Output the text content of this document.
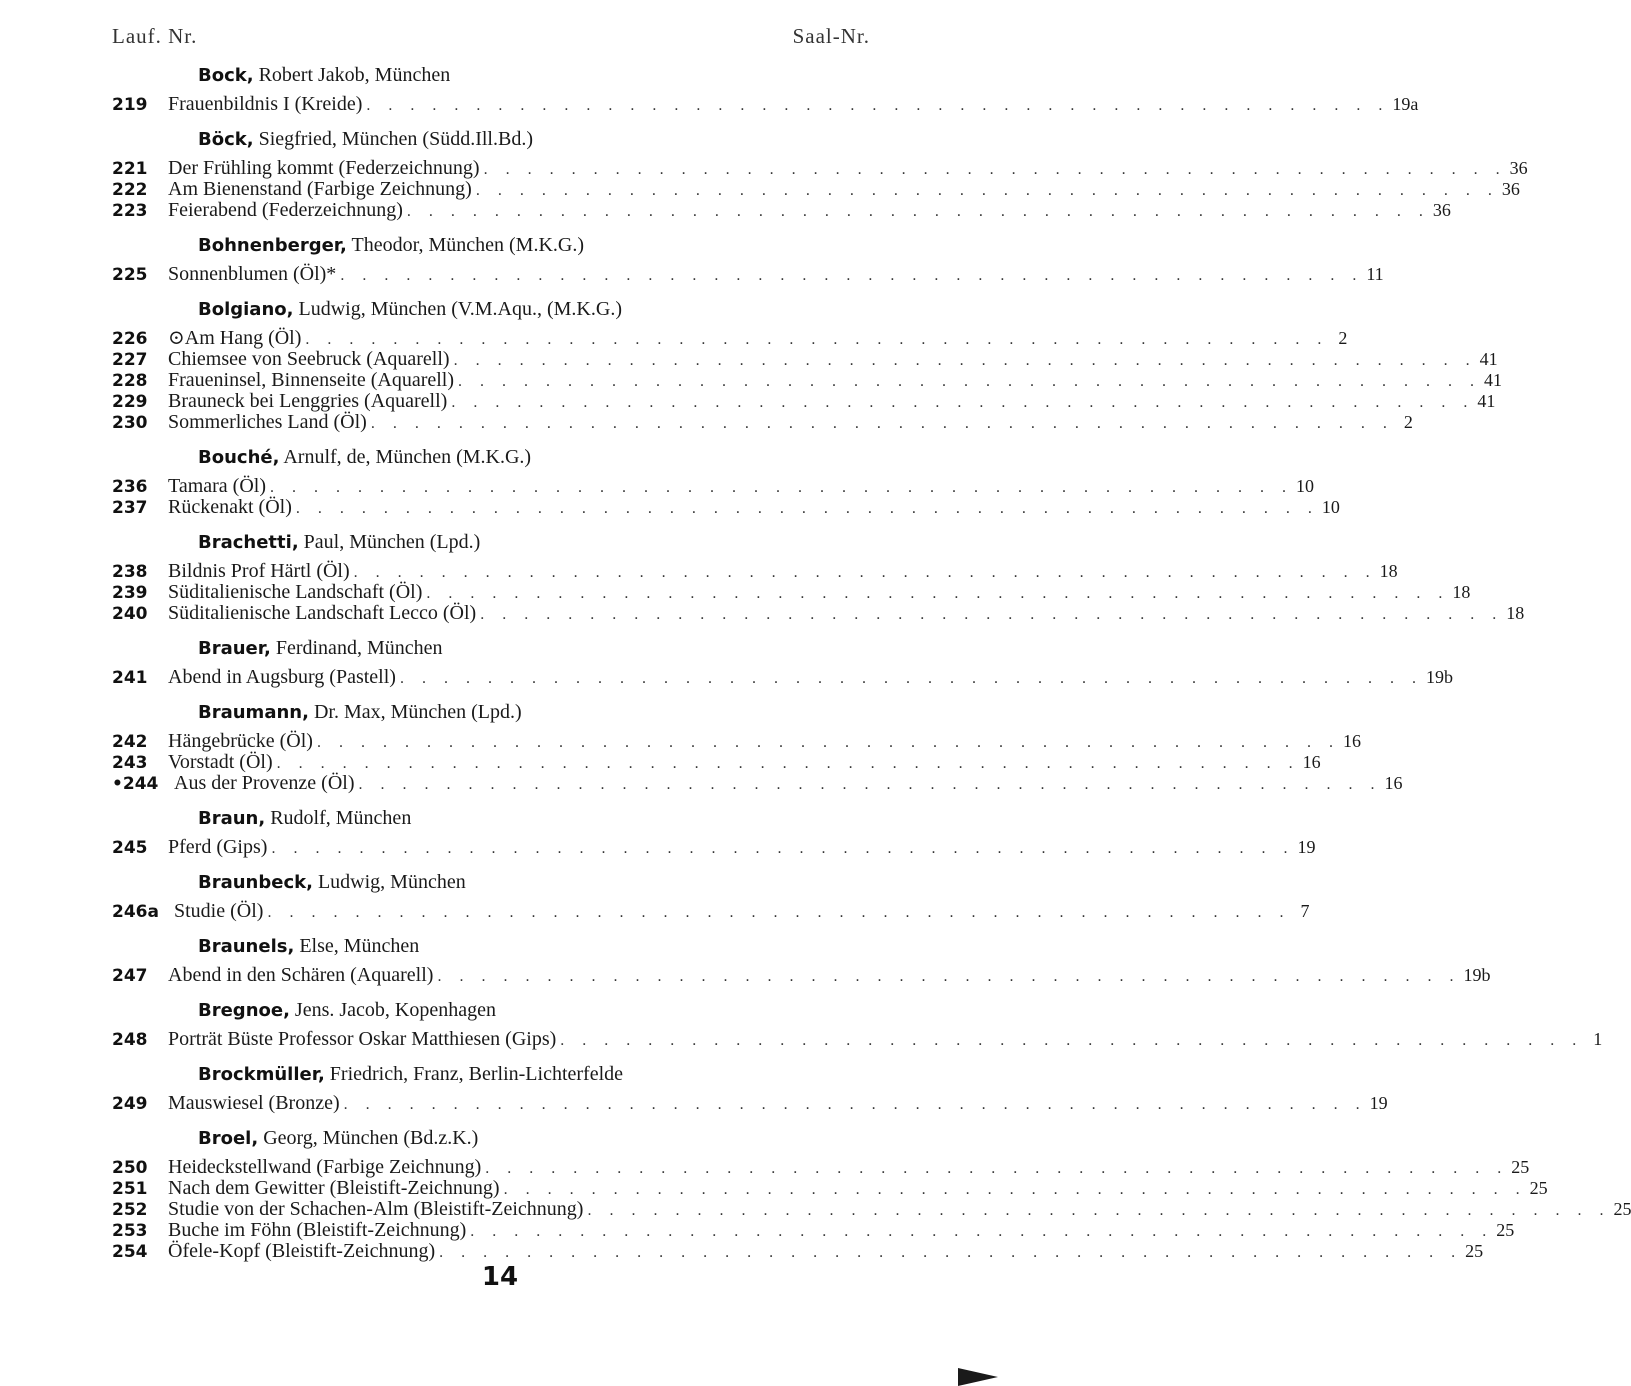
Lauf. Nr.	Saal-Nr.
Bock, Robert Jakob, München
219	Frauenbildnis I (Kreide) . . . . . . . . . . . . . . . . . . . . . . . . . . . . . . . . . . . . . . . . . . . . . . . 19a
Böck, Siegfried, München (Südd.Ill.Bd.)
221	Der Frühling kommt (Federzeichnung) . . . . . . . . . . . . . . . . . . . . . . . . . . . . . . . . . . . . . . . . . . . . . . . 36
222	Am Bienenstand (Farbige Zeichnung) . . . . . . . . . . . . . . . . . . . . . . . . . . . . . . . . . . . . . . . . . . . . . . . 36
223	Feierabend (Federzeichnung) . . . . . . . . . . . . . . . . . . . . . . . . . . . . . . . . . . . . . . . . . . . . . . . 36
Bohnenberger, Theodor, München (M.K.G.)
225	Sonnenblumen (Öl)* . . . . . . . . . . . . . . . . . . . . . . . . . . . . . . . . . . . . . . . . . . . . . . . 11
Bolgiano, Ludwig, München (V.M.Aqu., (M.K.G.)
226	⊙Am Hang (Öl) . . . . . . . . . . . . . . . . . . . . . . . . . . . . . . . . . . . . . . . . . . . . . . . 2
227	Chiemsee von Seebruck (Aquarell) . . . . . . . . . . . . . . . . . . . . . . . . . . . . . . . . . . . . . . . . . . . . . . . 41
228	Fraueninsel, Binnenseite (Aquarell) . . . . . . . . . . . . . . . . . . . . . . . . . . . . . . . . . . . . . . . . . . . . . . . 41
229	Brauneck bei Lenggries (Aquarell) . . . . . . . . . . . . . . . . . . . . . . . . . . . . . . . . . . . . . . . . . . . . . . . 41
230	Sommerliches Land (Öl) . . . . . . . . . . . . . . . . . . . . . . . . . . . . . . . . . . . . . . . . . . . . . . . 2
Bouché, Arnulf, de, München (M.K.G.)
236	Tamara (Öl) . . . . . . . . . . . . . . . . . . . . . . . . . . . . . . . . . . . . . . . . . . . . . . . 10
237	Rückenakt (Öl) . . . . . . . . . . . . . . . . . . . . . . . . . . . . . . . . . . . . . . . . . . . . . . . 10
Brachetti, Paul, München (Lpd.)
238	Bildnis Prof Härtl (Öl) . . . . . . . . . . . . . . . . . . . . . . . . . . . . . . . . . . . . . . . . . . . . . . . 18
239	Süditalienische Landschaft (Öl) . . . . . . . . . . . . . . . . . . . . . . . . . . . . . . . . . . . . . . . . . . . . . . . 18
240	Süditalienische Landschaft Lecco (Öl) . . . . . . . . . . . . . . . . . . . . . . . . . . . . . . . . . . . . . . . . . . . . . . . 18
Brauer, Ferdinand, München
241	Abend in Augsburg (Pastell) . . . . . . . . . . . . . . . . . . . . . . . . . . . . . . . . . . . . . . . . . . . . . . . 19b
Braumann, Dr. Max, München (Lpd.)
242	Hängebrücke (Öl) . . . . . . . . . . . . . . . . . . . . . . . . . . . . . . . . . . . . . . . . . . . . . . . 16
243	Vorstadt (Öl) . . . . . . . . . . . . . . . . . . . . . . . . . . . . . . . . . . . . . . . . . . . . . . . 16
•244 Aus der Provenze (Öl) . . . . . . . . . . . . . . . . . . . . . . . . . . . . . . . . . . . . . . . . . . . . . . . 16
Braun, Rudolf, München
245	Pferd (Gips) . . . . . . . . . . . . . . . . . . . . . . . . . . . . . . . . . . . . . . . . . . . . . . . 19
Braunbeck, Ludwig, München
246a Studie (Öl) . . . . . . . . . . . . . . . . . . . . . . . . . . . . . . . . . . . . . . . . . . . . . . . 7
Braunels, Else, München
247	Abend in den Schären (Aquarell) . . . . . . . . . . . . . . . . . . . . . . . . . . . . . . . . . . . . . . . . . . . . . . . 19b
Bregnoe, Jens. Jacob, Kopenhagen
248	Porträt Büste Professor Oskar Matthiesen (Gips) . . . . . . . . . . . . . . . . . . . . . . . . . . . . . . . . . . . . . . . . . . . . . . . 1
Brockmüller, Friedrich, Franz, Berlin-Lichterfelde
249	Mauswiesel (Bronze) . . . . . . . . . . . . . . . . . . . . . . . . . . . . . . . . . . . . . . . . . . . . . . . 19
Broel, Georg, München (Bd.z.K.)
250	Heideckstellwand (Farbige Zeichnung) . . . . . . . . . . . . . . . . . . . . . . . . . . . . . . . . . . . . . . . . . . . . . . . 25
251	Nach dem Gewitter (Bleistift-Zeichnung) . . . . . . . . . . . . . . . . . . . . . . . . . . . . . . . . . . . . . . . . . . . . . . . 25
252	Studie von der Schachen-Alm (Bleistift-Zeichnung) . . . . . . . . . . . . . . . . . . . . . . . . . . . . . . . . . . . . . . . . . . . . . . . 25
253	Buche im Föhn (Bleistift-Zeichnung) . . . . . . . . . . . . . . . . . . . . . . . . . . . . . . . . . . . . . . . . . . . . . . . 25
254	Öfele-Kopf (Bleistift-Zeichnung) . . . . . . . . . . . . . . . . . . . . . . . . . . . . . . . . . . . . . . . . . . . . . . . 25
14
